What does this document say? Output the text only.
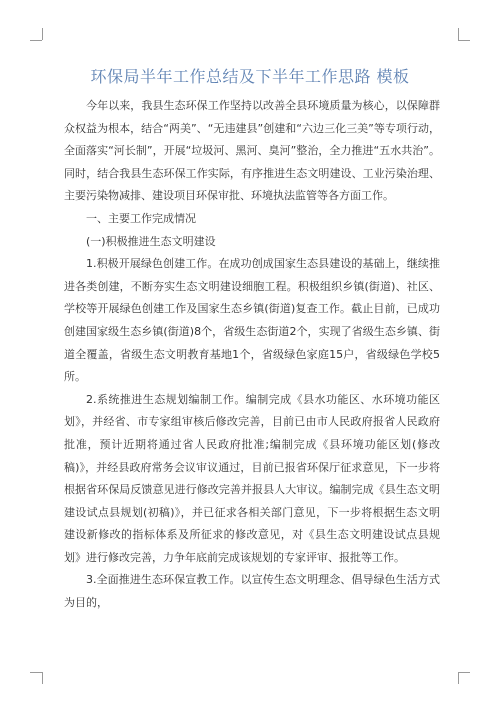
环保局半年工作总结及下半年工作思路 模板

今年以来，我县生态环保工作坚持以改善全县环境质量为核心，以保障群众权益为根本，结合“两美”、“无违建县”创建和“六边三化三美”等专项行动，全面落实“河长制”，开展“垃圾河、黑河、臭河”整治，全力推进“五水共治”。同时，结合我县生态环保工作实际，有序推进生态文明建设、工业污染治理、主要污染物减排、建设项目环保审批、环境执法监管等各方面工作。

一、主要工作完成情况

(一)积极推进生态文明建设

1.积极开展绿色创建工作。在成功创成国家生态县建设的基础上，继续推进各类创建，不断夯实生态文明建设细胞工程。积极组织乡镇(街道)、社区、学校等开展绿色创建工作及国家生态乡镇(街道)复查工作。截止目前，已成功创建国家级生态乡镇(街道)8个，省级生态街道2个，实现了省级生态乡镇、街道全覆盖，省级生态文明教育基地1个，省级绿色家庭15户，省级绿色学校5所。

2.系统推进生态规划编制工作。编制完成《县水功能区、水环境功能区划》，并经省、市专家组审核后修改完善，目前已由市人民政府报省人民政府批准，预计近期将通过省人民政府批准;编制完成《县环境功能区划(修改稿)》，并经县政府常务会议审议通过，目前已报省环保厅征求意见，下一步将根据省环保局反馈意见进行修改完善并报县人大审议。编制完成《县生态文明建设试点县规划(初稿)》，并已征求各相关部门意见，下一步将根据生态文明建设新修改的指标体系及所征求的修改意见，对《县生态文明建设试点县规划》进行修改完善，力争年底前完成该规划的专家评审、报批等工作。

3.全面推进生态环保宣教工作。以宣传生态文明理念、倡导绿色生活方式为目的，
